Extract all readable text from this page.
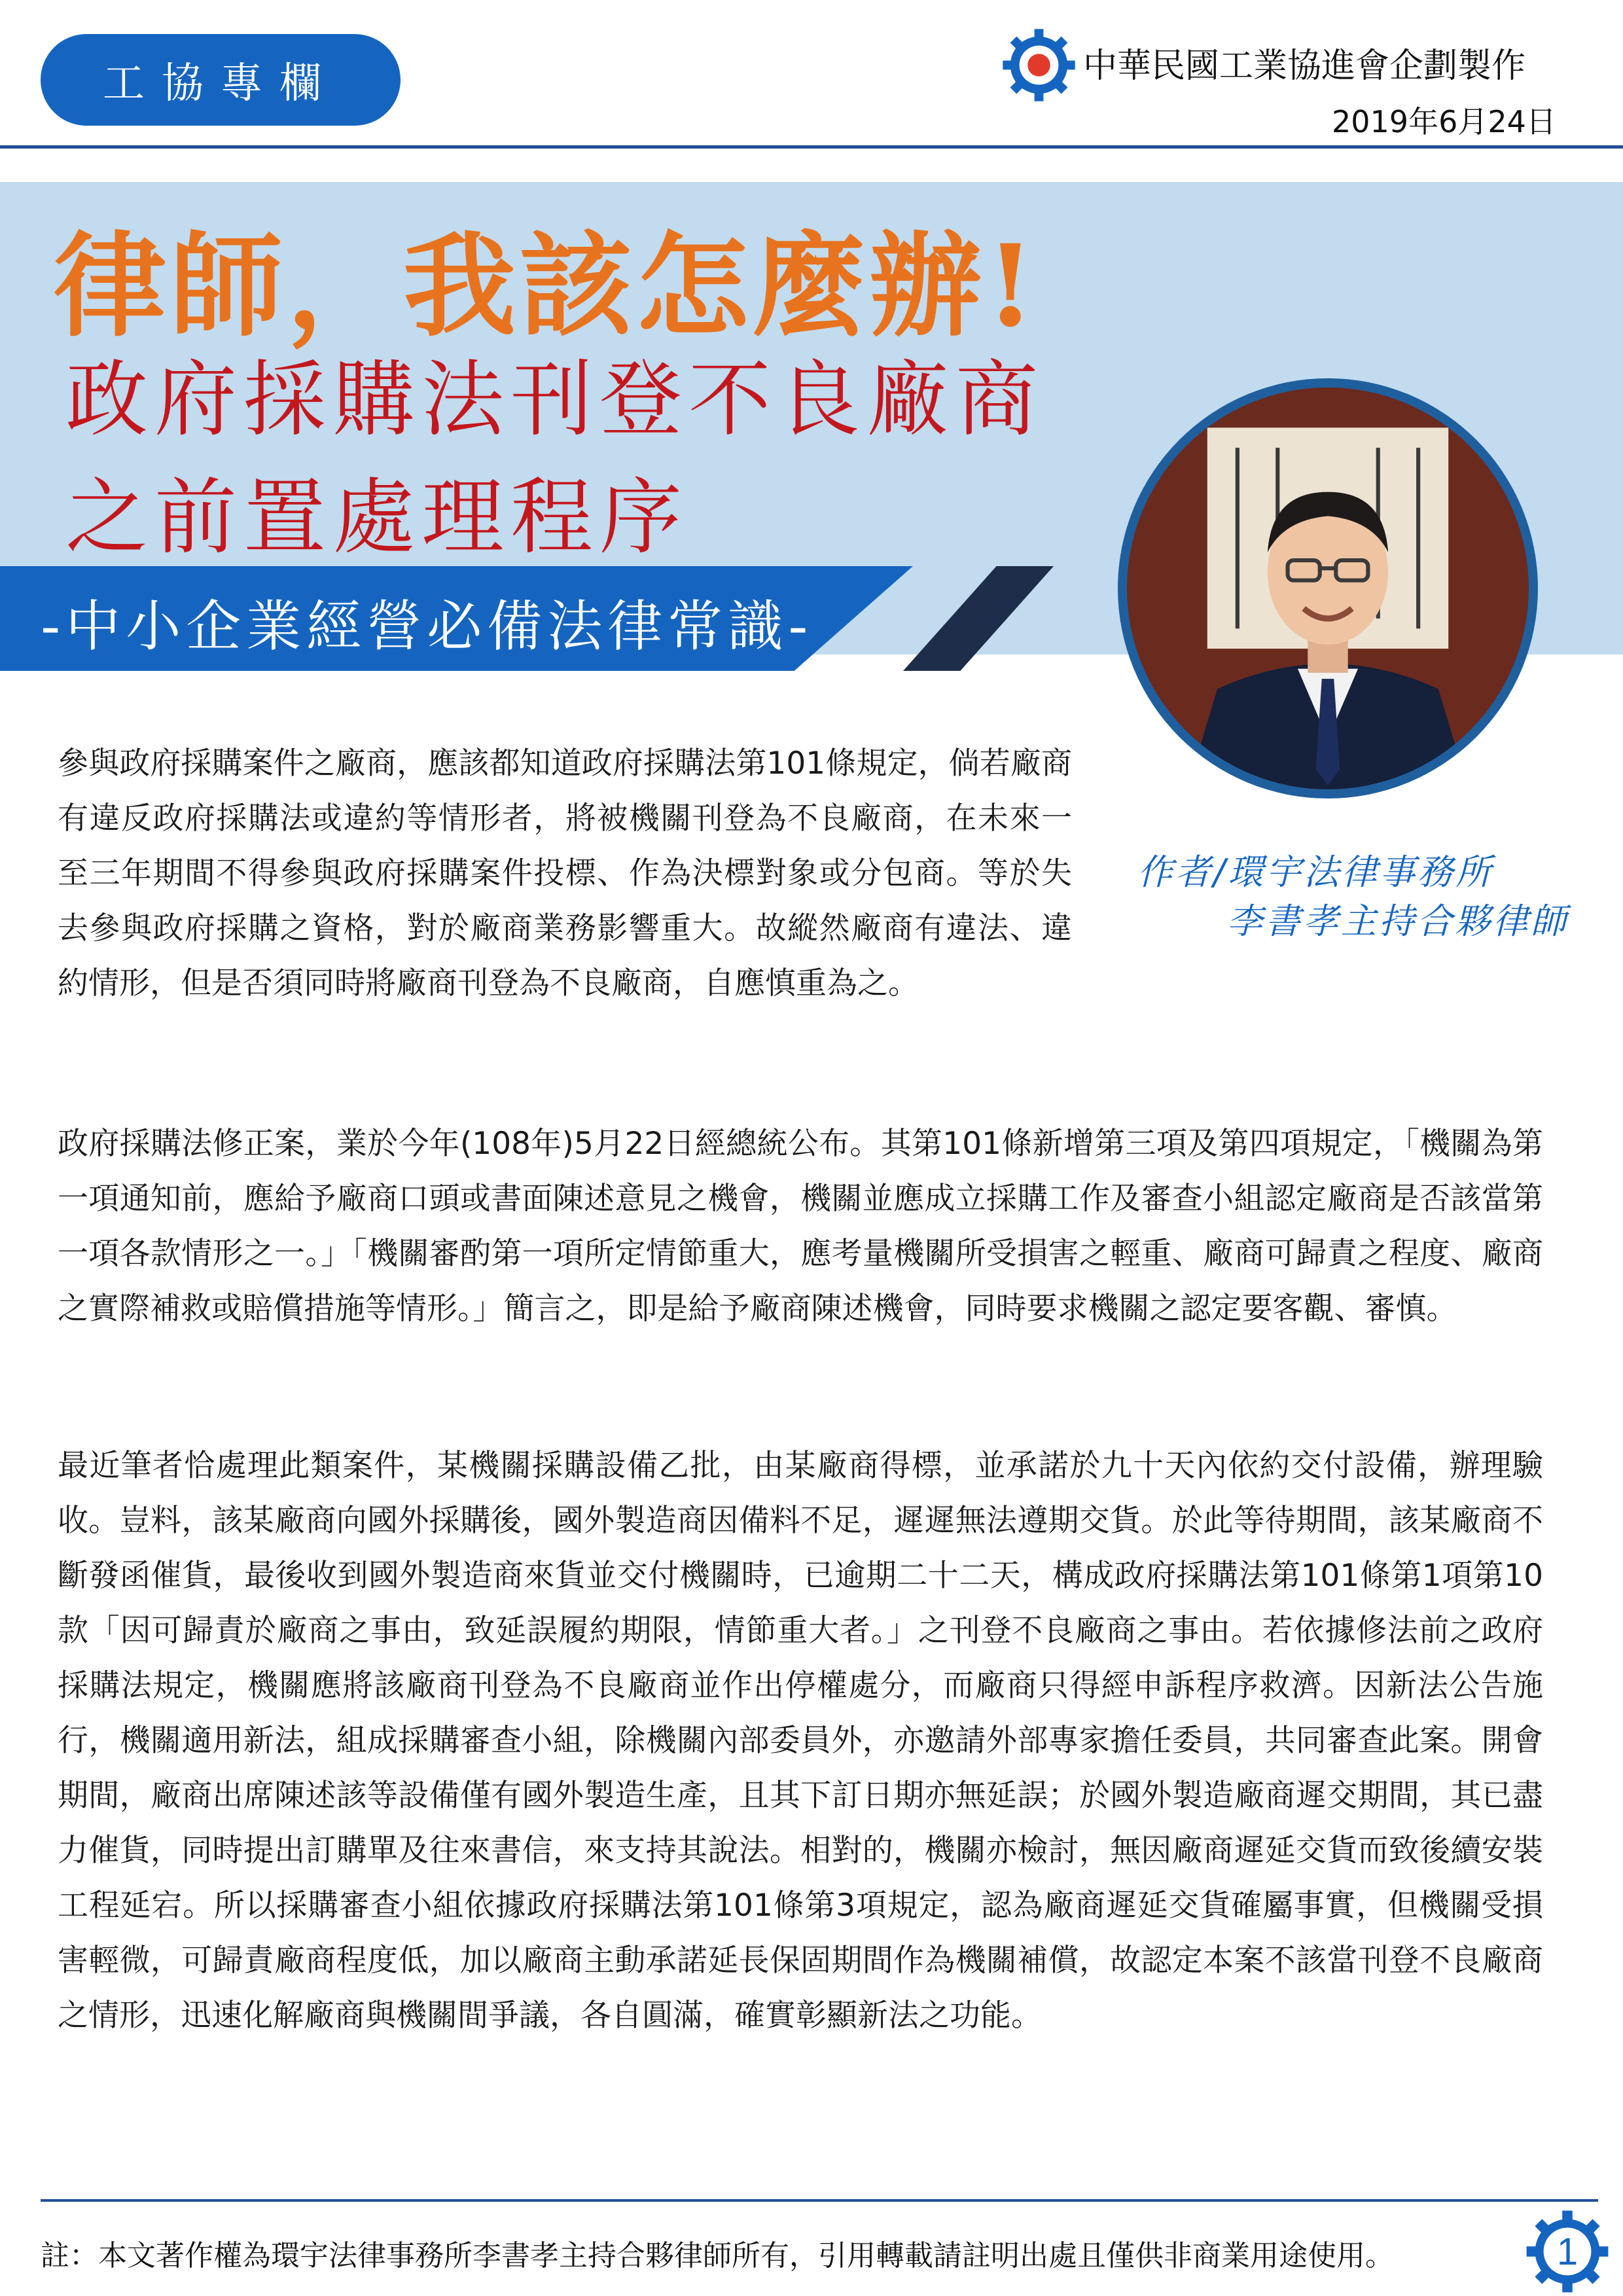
工協專欄	中華民國工業協進會企劃製作
2019年6月24日
律師，我該怎麼辦!
政府採購法刊登不良廠商
之前置處理程序
-中小企業經營必備法律常識-
作者/環宇法律事務所
李書孝主持合夥律師

參與政府採購案件之廠商，應該都知道政府採購法第101條規定，倘若廠商有違反政府採購法或違約等情形者，將被機關刊登為不良廠商，在未來一至三年期間不得參與政府採購案件投標、作為決標對象或分包商。等於失去參與政府採購之資格，對於廠商業務影響重大。故縱然廠商有違法、違約情形，但是否須同時將廠商刊登為不良廠商，自應慎重為之。

政府採購法修正案，業於今年(108年)5月22日經總統公布。其第101條新增第三項及第四項規定，「機關為第一項通知前，應給予廠商口頭或書面陳述意見之機會，機關並應成立採購工作及審查小組認定廠商是否該當第一項各款情形之一。」「機關審酌第一項所定情節重大，應考量機關所受損害之輕重、廠商可歸責之程度、廠商之實際補救或賠償措施等情形。」簡言之，即是給予廠商陳述機會，同時要求機關之認定要客觀、審慎。

最近筆者恰處理此類案件，某機關採購設備乙批，由某廠商得標，並承諾於九十天內依約交付設備，辦理驗收。豈料，該某廠商向國外採購後，國外製造商因備料不足，遲遲無法遵期交貨。於此等待期間，該某廠商不斷發函催貨，最後收到國外製造商來貨並交付機關時，已逾期二十二天，構成政府採購法第101條第1項第10款「因可歸責於廠商之事由，致延誤履約期限，情節重大者。」之刊登不良廠商之事由。若依據修法前之政府採購法規定，機關應將該廠商刊登為不良廠商並作出停權處分，而廠商只得經申訴程序救濟。因新法公告施行，機關適用新法，組成採購審查小組，除機關內部委員外，亦邀請外部專家擔任委員，共同審查此案。開會期間，廠商出席陳述該等設備僅有國外製造生產，且其下訂日期亦無延誤；於國外製造廠商遲交期間，其已盡力催貨，同時提出訂購單及往來書信，來支持其說法。相對的，機關亦檢討，無因廠商遲延交貨而致後續安裝工程延宕。所以採購審查小組依據政府採購法第101條第3項規定，認為廠商遲延交貨確屬事實，但機關受損害輕微，可歸責廠商程度低，加以廠商主動承諾延長保固期間作為機關補償，故認定本案不該當刊登不良廠商之情形，迅速化解廠商與機關間爭議，各自圓滿，確實彰顯新法之功能。

註：本文著作權為環宇法律事務所李書孝主持合夥律師所有，引用轉載請註明出處且僅供非商業用途使用。	1
